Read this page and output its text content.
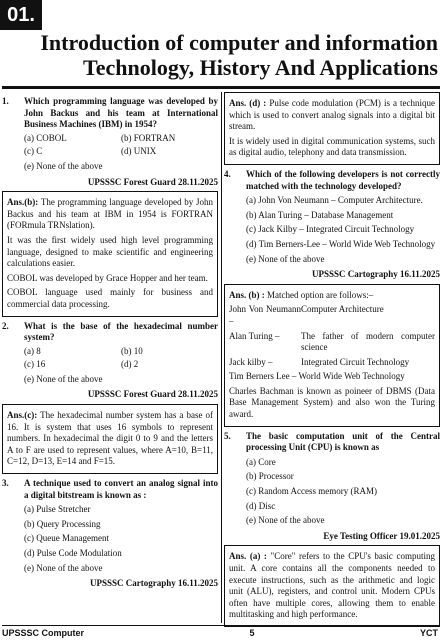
01.
Introduction of computer and information
Technology, History And Applications
1.	Which programming language was developed by John Backus and his team at International Business Machines (IBM) in 1954?
(a) COBOL	(b) FORTRAN
(c) C	(d) UNIX
(e) None of the above
UPSSSC Forest Guard 28.11.2025

Ans.(b): The programming language developed by John Backus and his team at IBM in 1954 is FORTRAN (FORmula TRNslation).

It was the first widely used high level programming language, designed to make scientific and engineering calculations easier.

COBOL was developed by Grace Hopper and her team.

COBOL language used mainly for business and commercial data processing.

2.	What is the base of the hexadecimal number system?
(a) 8	(b) 10
(c) 16	(d) 2
(e) None of the above
UPSSSC Forest Guard 28.11.2025

Ans.(c): The hexadecimal number system has a base of 16. It is system that uses 16 symbols to represent numbers. In hexadecimal the digit 0 to 9 and the letters A to F are used to represent values, where A=10, B=11, C=12, D=13, E=14 and F=15.

3.	A technique used to convert an analog signal into a digital bitstream is known as :
(a) Pulse Stretcher
(b) Query Processing
(c) Queue Management
(d) Pulse Code Modulation
(e) None of the above
UPSSSC Cartography 16.11.2025

Ans. (d) : Pulse code modulation (PCM) is a technique which is used to convert analog signals into a digital bit stream.

It is widely used in digital communication systems, such as digital audio, telephony and data transmission.

4.	Which of the following developers is not correctly matched with the technology developed?
(a) John Von Neumann – Computer Architecture.
(b) Alan Turing – Database Management
(c) Jack Kilby – Integrated Circuit Technology
(d) Tim Berners-Lee – World Wide Web Technology
(e) None of the above
UPSSSC Cartography 16.11.2025

Ans. (b) : Matched option are follows:–

John Von Neumann –
Computer Architecture
Alan Turing –	The father of modern computer science
Jack kilby –	Integrated Circuit Technology

Tim Berners Lee – World Wide Web Technology

Charles Bachman is known as poineer of DBMS (Data Base Management System) and also won the Turing award.

5.	The basic computation unit of the Central processing Unit (CPU) is known as
(a) Core
(b) Processor
(c) Random Access memory (RAM)
(d) Disc
(e) None of the above
Eye Testing Officer 19.01.2025

Ans. (a) : "Core" refers to the CPU's basic computing unit. A core contains all the components needed to execute instructions, such as the arithmetic and logic unit (ALU), registers, and control unit. Modern CPUs often have multiple cores, allowing them to enable multitasking and high performance.

UPSSSC Computer	5	YCT
